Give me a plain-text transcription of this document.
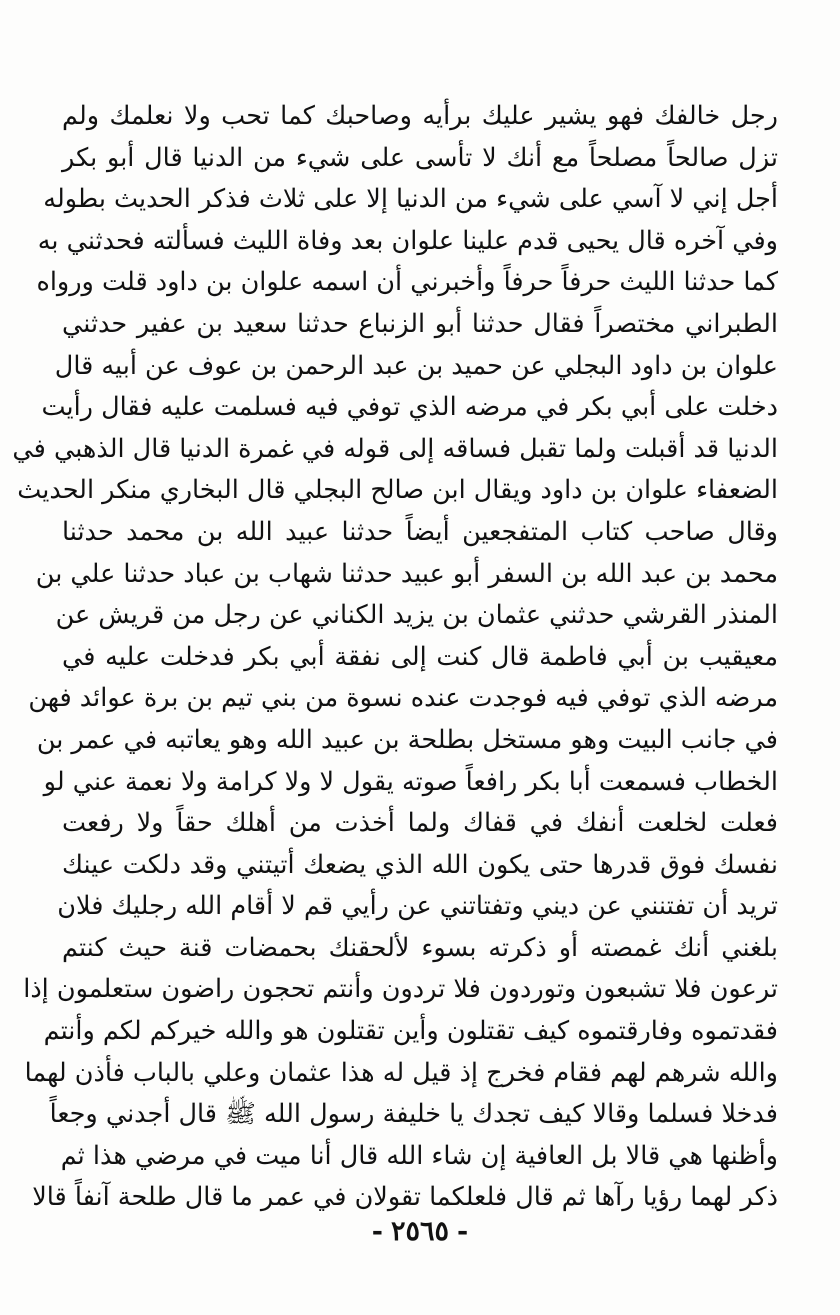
رجل خالفك فهو يشير عليك برأيه وصاحبك كما تحب ولا نعلمك ولم
تزل صالحاً مصلحاً مع أنك لا تأسى على شيء من الدنيا قال أبو بكر
أجل إني لا آسي على شيء من الدنيا إلا على ثلاث فذكر الحديث بطوله
وفي آخره قال يحيى قدم علينا علوان بعد وفاة الليث فسألته فحدثني به
كما حدثنا الليث حرفاً حرفاً وأخبرني أن اسمه علوان بن داود قلت ورواه
الطبراني مختصراً فقال حدثنا أبو الزنباع حدثنا سعيد بن عفير حدثني
علوان بن داود البجلي عن حميد بن عبد الرحمن بن عوف عن أبيه قال
دخلت على أبي بكر في مرضه الذي توفي فيه فسلمت عليه فقال رأيت
الدنيا قد أقبلت ولما تقبل فساقه إلى قوله في غمرة الدنيا قال الذهبي في
الضعفاء علوان بن داود ويقال ابن صالح البجلي قال البخاري منكر الحديث
وقال صاحب كتاب المتفجعين أيضاً حدثنا عبيد الله بن محمد حدثنا
محمد بن عبد الله بن السفر أبو عبيد حدثنا شهاب بن عباد حدثنا علي بن
المنذر القرشي حدثني عثمان بن يزيد الكناني عن رجل من قريش عن
معيقيب بن أبي فاطمة قال كنت إلى نفقة أبي بكر فدخلت عليه في
مرضه الذي توفي فيه فوجدت عنده نسوة من بني تيم بن برة عوائد فهن
في جانب البيت وهو مستخل بطلحة بن عبيد الله وهو يعاتبه في عمر بن
الخطاب فسمعت أبا بكر رافعاً صوته يقول لا ولا كرامة ولا نعمة عني لو
فعلت لخلعت أنفك في قفاك ولما أخذت من أهلك حقاً ولا رفعت
نفسك فوق قدرها حتى يكون الله الذي يضعك أتيتني وقد دلكت عينك
تريد أن تفتنني عن ديني وتفتاتني عن رأيي قم لا أقام الله رجليك فلان
بلغني أنك غمصته أو ذكرته بسوء لألحقنك بحمضات قنة حيث كنتم
ترعون فلا تشبعون وتوردون فلا تردون وأنتم تحجون راضون ستعلمون إذا
فقدتموه وفارقتموه كيف تقتلون وأين تقتلون هو والله خيركم لكم وأنتم
والله شرهم لهم فقام فخرج إذ قيل له هذا عثمان وعلي بالباب فأذن لهما
فدخلا فسلما وقالا كيف تجدك يا خليفة رسول الله ﷺ قال أجدني وجعاً
وأظنها هي قالا بل العافية إن شاء الله قال أنا ميت في مرضي هذا ثم
ذكر لهما رؤيا رآها ثم قال فلعلكما تقولان في عمر ما قال طلحة آنفاً قالا
-٢٥٦٥-
